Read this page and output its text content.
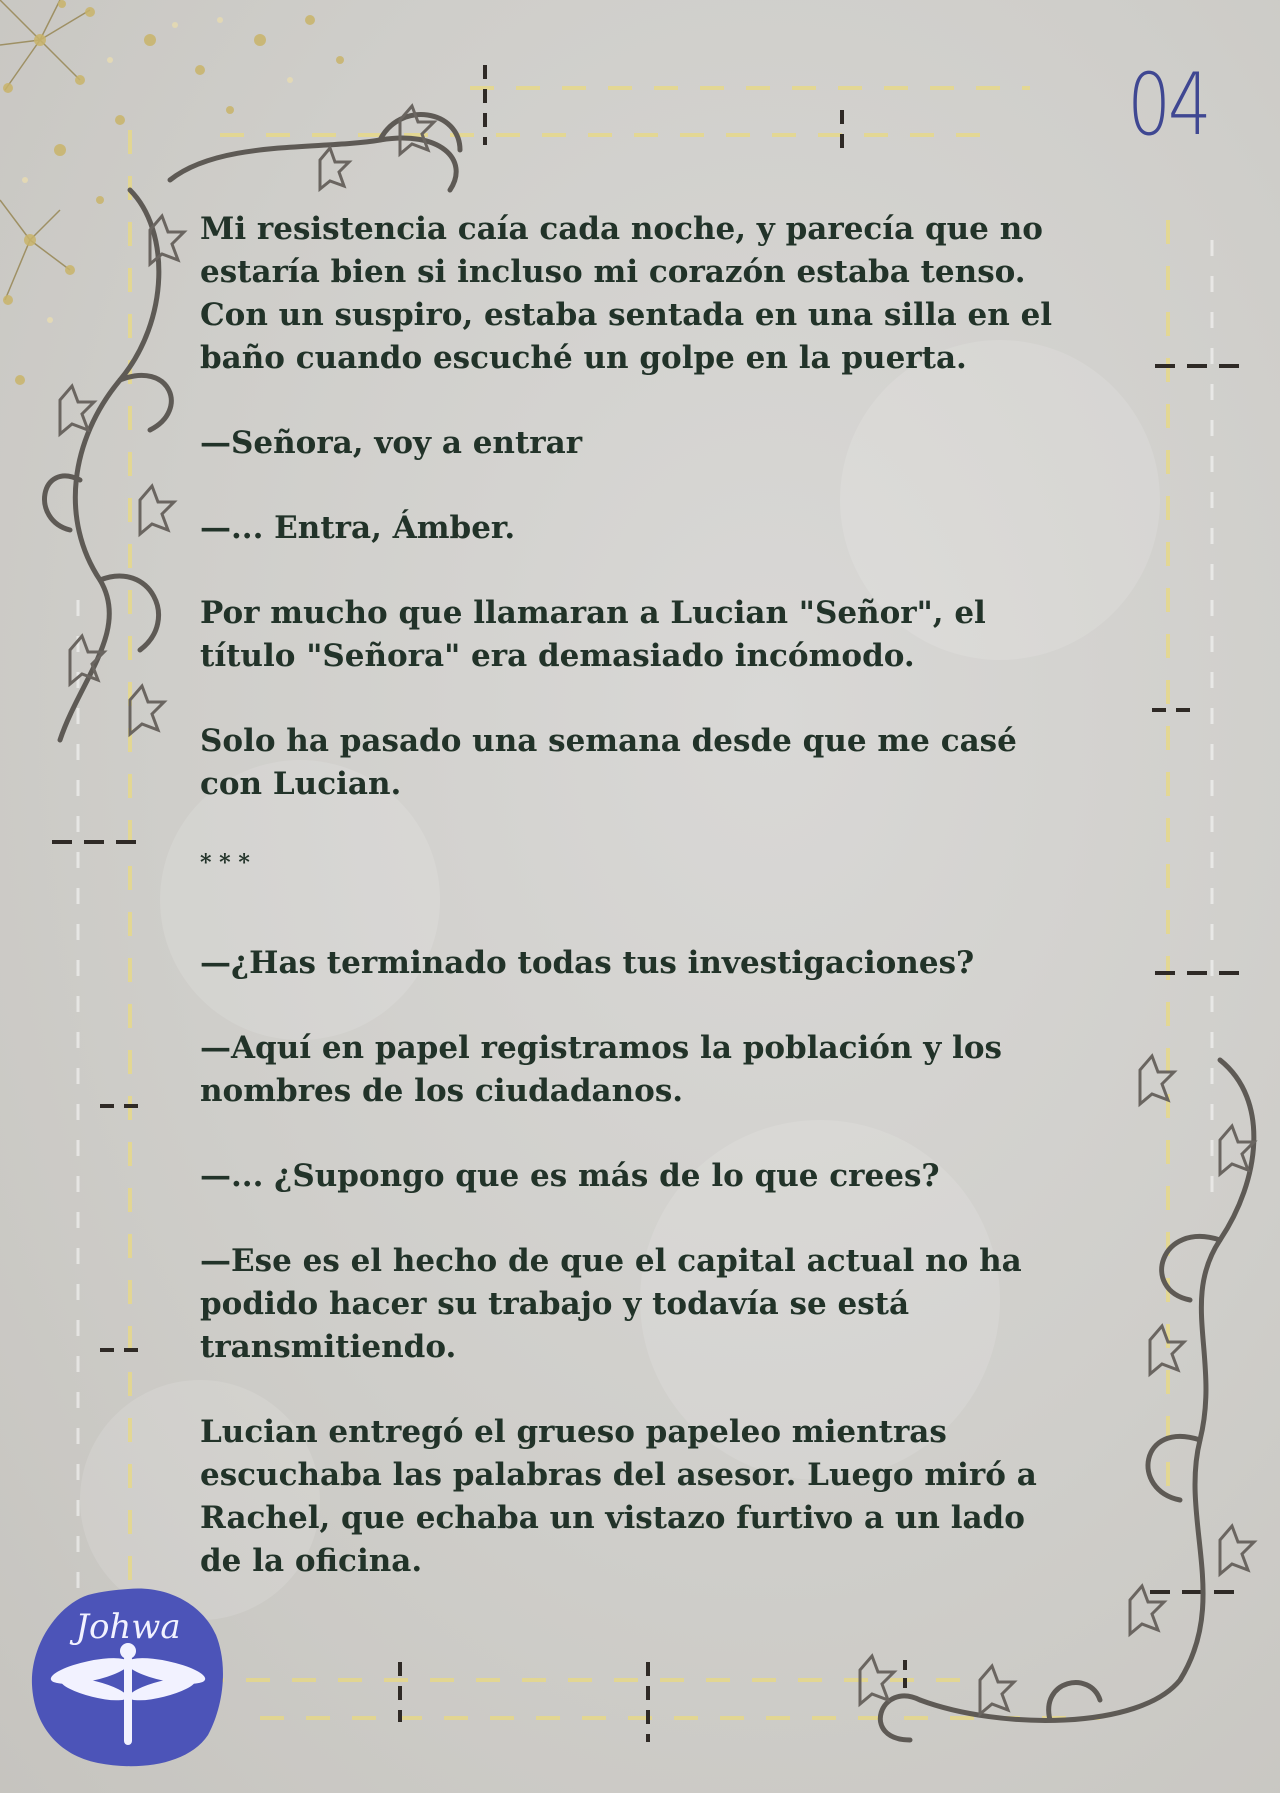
04

Mi resistencia caía cada noche, y parecía que no estaría bien si incluso mi corazón estaba tenso. Con un suspiro, estaba sentada en una silla en el baño cuando escuché un golpe en la puerta.

—Señora, voy a entrar

—... Entra, Ámber.

Por mucho que llamaran a Lucian "Señor", el título "Señora" era demasiado incómodo.

Solo ha pasado una semana desde que me casé con Lucian.

* * *

—¿Has terminado todas tus investigaciones?

—Aquí en papel registramos la población y los nombres de los ciudadanos.

—... ¿Supongo que es más de lo que crees?

—Ese es el hecho de que el capital actual no ha podido hacer su trabajo y todavía se está transmitiendo.

Lucian entregó el grueso papeleo mientras escuchaba las palabras del asesor. Luego miró a Rachel, que echaba un vistazo furtivo a un lado de la oficina.

Johwa
